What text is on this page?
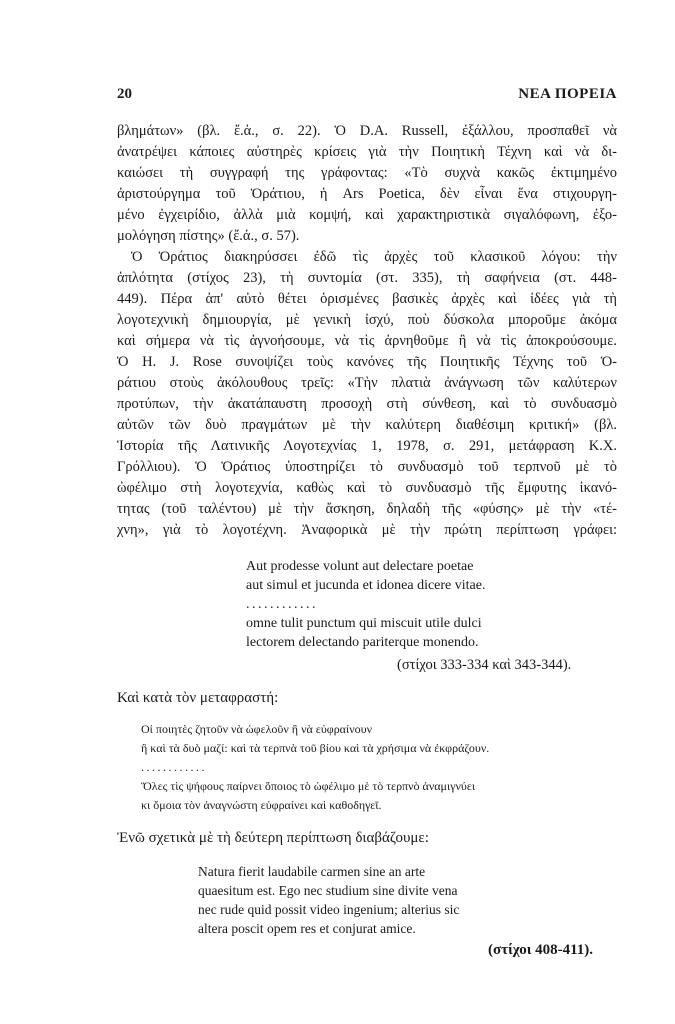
20	ΝΕΑ ΠΟΡΕΙΑ
βλημάτων» (βλ. ἔ.ἀ., σ. 22). Ὁ D.A. Russell, ἐξάλλου, προσπαθεῖ νὰ
ἀνατρέψει κάποιες αὐστηρὲς κρίσεις γιὰ τὴν Ποιητικὴ Τέχνη καὶ νὰ δι-
καιώσει τὴ συγγραφή της γράφοντας: «Τὸ συχνὰ κακῶς ἐκτιμημένο
ἀριστούργημα τοῦ Ὁράτιου, ἡ Ars Poetica, δὲν εἶναι ἕνα στιχουργη-
μένο ἐγχειρίδιο, ἀλλὰ μιὰ κομψή, καὶ χαρακτηριστικὰ σιγαλόφωνη, ἐξο-
μολόγηση πίστης» (ἔ.ἀ., σ. 57).
Ὁ Ὁράτιος διακηρύσσει ἐδῶ τὶς ἀρχὲς τοῦ κλασικοῦ λόγου: τὴν
ἁπλότητα (στίχος 23), τὴ συντομία (στ. 335), τὴ σαφήνεια (στ. 448-
449). Πέρα ἀπ' αὐτὸ θέτει ὁρισμένες βασικὲς ἀρχὲς καὶ ἰδέες γιὰ τὴ
λογοτεχνικὴ δημιουργία, μὲ γενικὴ ἰσχύ, ποὺ δύσκολα μποροῦμε ἀκόμα
καὶ σήμερα νὰ τὶς ἀγνοήσουμε, νὰ τὶς ἀρνηθοῦμε ἢ νὰ τὶς ἀποκρούσουμε.
Ὁ H. J. Rose συνοψίζει τοὺς κανόνες τῆς Ποιητικῆς Τέχνης τοῦ Ὁ-
ράτιου στοὺς ἀκόλουθους τρεῖς: «Τὴν πλατιὰ ἀνάγνωση τῶν καλύτερων
προτύπων, τὴν ἀκατάπαυστη προσοχὴ στὴ σύνθεση, καὶ τὸ συνδυασμὸ
αὐτῶν τῶν δυὸ πραγμάτων μὲ τὴν καλύτερη διαθέσιμη κριτική» (βλ.
Ἱστορία τῆς Λατινικῆς Λογοτεχνίας 1, 1978, σ. 291, μετάφραση Κ.Χ.
Γρόλλιου). Ὁ Ὁράτιος ὑποστηρίζει τὸ συνδυασμὸ τοῦ τερπνοῦ μὲ τὸ
ὠφέλιμο στὴ λογοτεχνία, καθὼς καὶ τὸ συνδυασμὸ τῆς ἔμφυτης ἱκανό-
τητας (τοῦ ταλέντου) μὲ τὴν ἄσκηση, δηλαδὴ τῆς «φύσης» μὲ τὴν «τέ-
χνη», γιὰ τὸ λογοτέχνη. Ἀναφορικὰ μὲ τὴν πρώτη περίπτωση γράφει:
Aut prodesse volunt aut delectare poetae
aut simul et jucunda et idonea dicere vitae.
............
omne tulit punctum qui miscuit utile dulci
lectorem delectando pariterque monendo.
(στίχοι 333-334 καὶ 343-344).
Καὶ κατὰ τὸν μεταφραστή:
Οἱ ποιητὲς ζητοῦν νὰ ὠφελοῦν ἢ νὰ εὐφραίνουν
ἢ καὶ τὰ δυὸ μαζί: καὶ τὰ τερπνὰ τοῦ βίου καὶ τὰ χρήσιμα νὰ ἐκφράζουν.
............
Ὅλες τὶς ψήφους παίρνει ὅποιος τὸ ὠφέλιμο μὲ τὸ τερπνὸ ἀναμιγνύει
κι ὅμοια τὸν ἀναγνώστη εὐφραίνει καὶ καθοδηγεῖ.
Ἐνῶ σχετικὰ μὲ τὴ δεύτερη περίπτωση διαβάζουμε:
Natura fierit laudabile carmen sine an arte
quaesitum est. Ego nec studium sine divite vena
nec rude quid possit video ingenium; alterius sic
altera poscit opem res et conjurat amice.
(στίχοι 408-411).
